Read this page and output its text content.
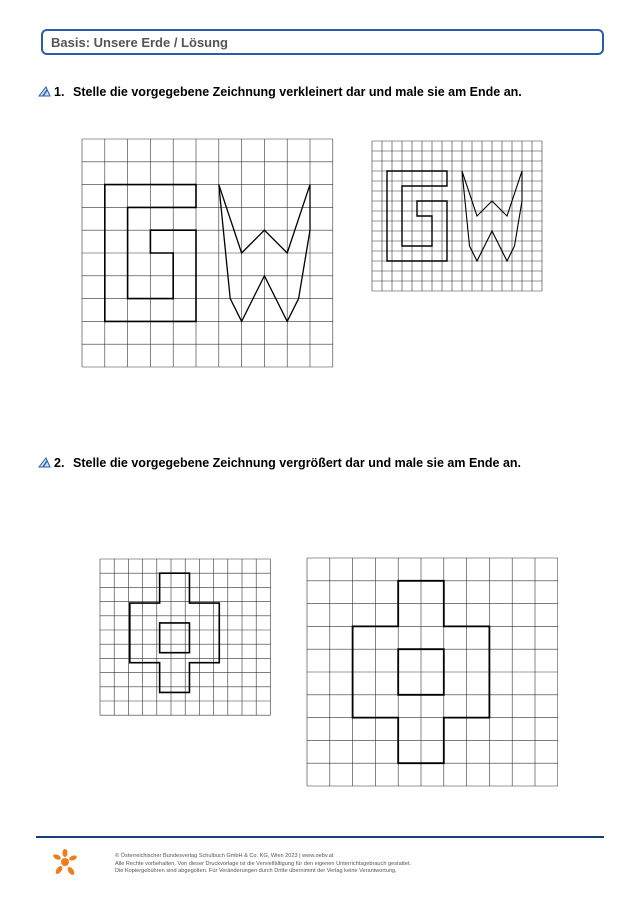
Basis: Unsere Erde / Lösung
1. Stelle die vorgegebene Zeichnung verkleinert dar und male sie am Ende an.
2. Stelle die vorgegebene Zeichnung vergrößert dar und male sie am Ende an.
© Österreichischer Bundesverlag Schulbuch GmbH & Co. KG, Wien 2023 | www.oebv.at
Alle Rechte vorbehalten. Von dieser Druckvorlage ist die Vervielfältigung für den eigenen Unterrichtsgebrauch gestattet.
Die Kopiergebühren sind abgegolten. Für Veränderungen durch Dritte übernimmt der Verlag keine Verantwortung.
